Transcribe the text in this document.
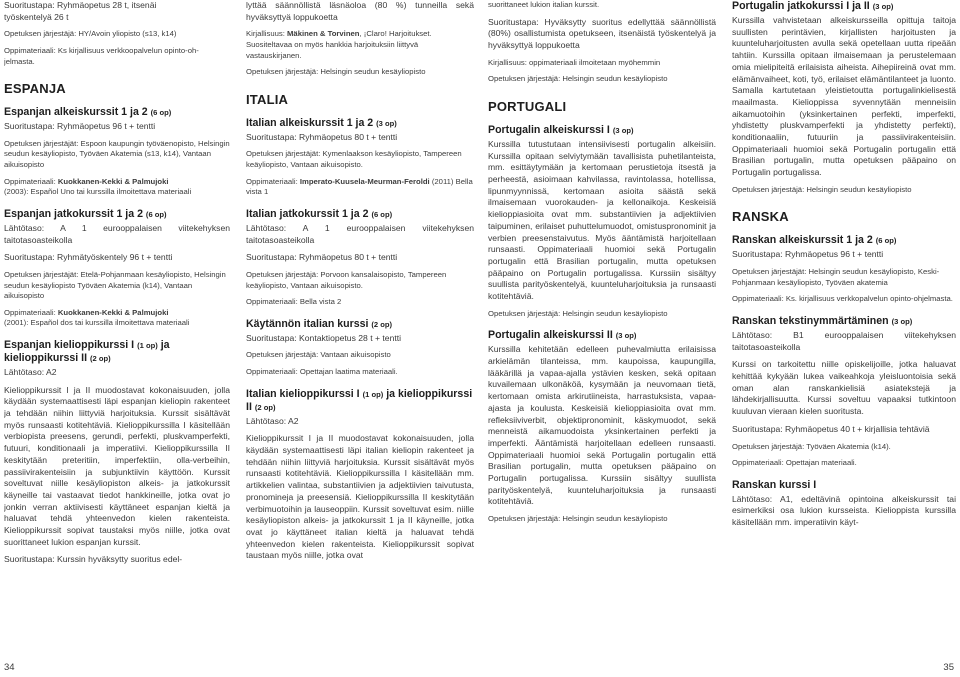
Suoritustapa: Ryhmäopetus 28 t, itsenäi

työskentelyä 26 t

Opetuksen järjestäjä: HY/Avoin yliopisto (s13, k14)

Oppimateriaali: Ks kirjallisuus verkkoopalvelun opinto-oh-

jelmasta.

ESPANJA
Espanjan alkeiskurssit 1 ja 2 (6 op)

Suoritustapa: Ryhmäopetus 96 t + tentti

Opetuksen järjestäjät: Espoon kaupungin työväenopisto, Helsingin seudun kesäyliopisto, Työväen Akatemia (s13, k14), Vantaan aikuisopisto

Oppimateriaali: Kuokkanen-Kekki & Palmujoki

(2003): Español Uno tai kurssilla ilmoitettava materiaali

Espanjan jatkokurssit 1 ja 2 (6 op)

Lähtötaso: A 1 eurooppalaisen viitekehyksen taitotasoasteikolla

Suoritustapa: Ryhmätyöskentely 96 t + tentti

Opetuksen järjestäjät: Etelä-Pohjanmaan kesäyliopisto, Helsingin seudun kesäyliopisto Työväen Akatemia (k14), Vantaan aikuisopisto

Oppimateriaali: Kuokkanen-Kekki & Palmujoki

(2001): Español dos tai kurssilla ilmoitettava materiaali

Espanjan kielioppikurssi I (1 op) ja kielioppikurssi II (2 op)

Lähtötaso: A2

Kielioppikurssit I ja II muodostavat kokonaisuuden, jolla käydään systemaattisesti läpi espanjan kieliopin rakenteet ja tehdään niihin liittyviä harjoituksia. Kurssit sisältävät myös runsaasti kotitehtäviä. Kielioppikurssilla I käsitellään verbiopista preesens, gerundi, perfekti, pluskvamperfekti, futuuri, konditionaali ja imperatiivi. Kielioppikurssilla II keskitytään preteritiin, imperfektiin, olla-verbeihin, passiivirakenteisiin ja subjunktiivin käyttöön. Kurssit soveltuvat niille kesäyliopiston alkeis- ja jatkokurssit käyneille tai vastaavat tiedot hankkineille, jotka ovat jo jonkin verran aktiivisesti käyttäneet espanjan kieltä ja haluavat tehdä yhteenvedon kielen rakenteista. Kielioppikurssit sopivat taustaksi myös niille, jotka ovat suorittaneet lukion espanjan kurssit.

Suoritustapa: Kurssin hyväksytty suoritus edel-

lyttää säännöllistä läsnäoloa (80 %) tunneilla sekä hyväksyttyä loppukoetta

Kirjallisuus: Mäkinen & Torvinen, ¡Claro! Harjoitukset.

Suositeltavaa on myös hankkia harjoituksiin liittyvä vastauskirjanen.

Opetuksen järjestäjä: Helsingin seudun kesäyliopisto

ITALIA
Italian alkeiskurssit 1 ja 2 (3 op)

Suoritustapa: Ryhmäopetus 80 t + tentti

Opetuksen järjestäjät: Kymenlaakson kesäyliopisto, Tampereen keäyliopisto, Vantaan aikuisopisto.

Oppimateriaali: Imperato-Kuusela-Meurman-Feroldi (2011) Bella vista 1

Italian jatkokurssit 1 ja 2 (6 op)

Lähtötaso: A 1 eurooppalaisen viitekehyksen taitotasoasteikolla

Suoritustapa: Ryhmäopetus 80 t + tentti

Opetuksen järjestäjä: Porvoon kansalaisopisto, Tampereen keäyliopisto, Vantaan aikuisopisto.

Oppimateriaali: Bella vista 2

Käytännön italian kurssi (2 op)

Suoritustapa: Kontaktiopetus 28 t + tentti

Opetuksen järjestäjä: Vantaan aikuisopisto

Oppimateriaali: Opettajan laatima materiaali.

Italian kielioppikurssi I (1 op) ja kielioppikurssi II (2 op)

Lähtötaso: A2

Kielioppikurssit I ja II muodostavat kokonaisuuden, jolla käydään systemaattisesti läpi italian kieliopin rakenteet ja tehdään niihin liittyviä harjoituksia. Kurssit sisältävät myös runsaasti kotitehtäviä. Kielioppikurssilla I käsitellään mm. artikkelien valintaa, substantiivien ja adjektiivien taivutusta, pronomineja ja preesensiä. Kielioppikurssilla II keskitytään verbimuotoihin ja lauseoppiin. Kurssit soveltuvat esim. niille kesäyliopiston alkeis- ja jatkokurssit 1 ja II käyneille, jotka ovat jo käyttäneet italian kieltä ja haluavat tehdä yhteenvedon kielen rakenteista. Kielioppikurssit sopivat taustaan myös niille, jotka ovat

suorittaneet lukion italian kurssit.

Suoritustapa: Hyväksytty suoritus edellyttää säännöllistä (80%) osallistumista opetukseen, itsenäistä työskentelyä ja hyväksyttyä loppukoetta

Kirjallisuus: oppimateriaali ilmoitetaan myöhemmin

Opetuksen järjestäjä: Helsingin seudun kesäyliopisto

PORTUGALI
Portugalin alkeiskurssi I (3 op)

Kurssilla tutustutaan intensiivisesti portugalin alkeisiin. Kurssilla opitaan selviytymään tavallisista puhetilanteista, mm. esittäytymään ja kertomaan perustietoja itsestä ja perheestä, asioimaan kahvilassa, ravintolassa, hotellissa, lipunmyynnissä, kertomaan asioita säästä sekä ilmaisemaan vuorokauden- ja kellonaikoja. Keskeisiä kielioppiasioita ovat mm. substantiivien ja adjektiivien taipuminen, erilaiset puhuttelumuodot, omistuspronominit ja verbien preesenstaivutus. Myös ääntämistä harjoitellaan runsaasti. Oppimateriaali huomioi sekä Portugalin portugalin että Brasilian portugalin, mutta opetuksen pääpaino on Portugalin portugalissa. Kurssiin sisältyy suullista parityöskentelyä, kuunteluharjoituksia ja runsaasti kotitehtäviä.

Opetuksen järjestäjä: Helsingin seudun kesäyliopisto

Portugalin alkeiskurssi II (3 op)

Kurssilla kehitetään edelleen puhevalmiutta erilaisissa arkielämän tilanteissa, mm. kaupoissa, kaupungilla, lääkärillä ja vapaa-ajalla ystävien kesken, sekä opitaan kuvailemaan ulkonäköä, kysymään ja neuvomaan tietä, kertomaan omista arkirutiineista, harrastuksista, vapaa-ajasta ja koulusta. Keskeisiä kielioppiasioita ovat mm. refleksiiviverbit, objektipronominit, käskymuodot, sekä menneistä aikamuodoista yksinkertainen perfekti ja imperfekti. Ääntämistä harjoitellaan edelleen runsaasti. Oppimateriaali huomioi sekä Portugalin portugalin että Brasilian portugalin, mutta opetuksen pääpaino on Portugalin portugalissa. Kurssiin sisältyy suullista parityöskentelyä, kuunteluharjoituksia ja runsaasti kotitehtäviä.

Opetuksen järjestäjä: Helsingin seudun kesäyliopisto

Portugalin jatkokurssi I ja II (3 op)

Kurssilla vahvistetaan alkeiskursseilla opittuja taitoja suullisten perintävien, kirjallisten harjoitusten ja kuunteluharjoitusten avulla sekä opetellaan uutta ripeään tahtiin. Kurssilla opitaan ilmaisemaan ja perustelemaan omia mielipiteitä erilaisista aiheista. Aihepiireinä ovat mm. elämänvaiheet, koti, työ, erilaiset elämäntilanteet ja luonto. Samalla kartutetaan yleistietoutta portugalinkielisestä maailmasta. Kielioppissa syvennytään menneisiin aikamuotoihin (yksinkertainen perfekti, imperfekti, yhdistetty pluskvamperfekti ja yhdistetty perfekti), konditionaaliin, futuuriin ja passiivirakenteisiin. Oppimateriaali huomioi sekä Portugalin portugalin että Brasilian portugalin, mutta opetuksen pääpaino on Portugalin portugalissa.

Opetuksen järjestäjä: Helsingin seudun kesäyliopisto

RANSKA
Ranskan alkeiskurssit 1 ja 2 (6 op)

Suoritustapa: Ryhmäopetus 96 t + tentti

Opetuksen järjestäjät: Helsingin seudun kesäyliopisto, Keski-Pohjanmaan kesäyliopisto, Työväen akatemia

Oppimateriaali: Ks. kirjallisuus verkkopalvelun opinto-ohjelmasta.

Ranskan tekstinymmärtäminen (3 op)

Lähtötaso: B1 eurooppalaisen viitekehyksen taitotasoasteikolla

Kurssi on tarkoitettu niille opiskelijoille, jotka haluavat kehittää kykyään lukea vaikeahkoja yleisluontoisia sekä oman alan ranskankielisiä asiatekstejä ja lähdekirjallisuutta. Kurssi soveltuu vapaaksi tutkintoon kuuluvan vieraan kielen suoritusta.

Suoritustapa: Ryhmäopetus 40 t + kirjallisia tehtäviä

Opetuksen järjestäjä: Työväen Akatemia (k14).

Oppimateriaali: Opettajan materiaali.

Ranskan kurssi I

Lähtötaso: A1, edeltävinä opintoina alkeiskurssit tai esimerkiksi osa lukion kursseista. Kielioppista kurssilla käsitellään mm. imperatiivin käyt-

34	35
